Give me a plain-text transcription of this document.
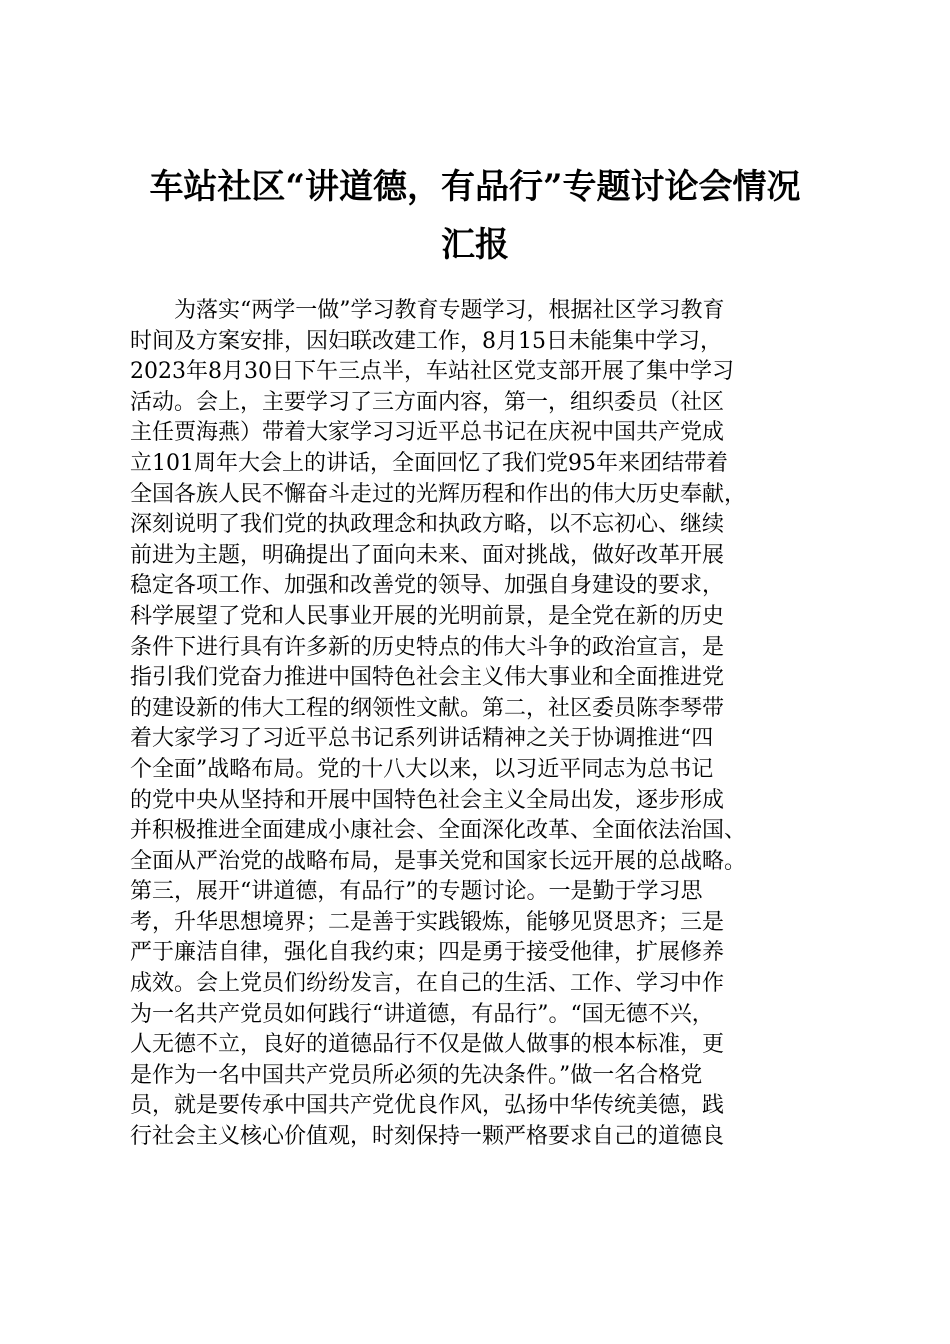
车站社区“讲道德，有品行”专题讨论会情况
汇报
为落实“两学一做”学习教育专题学习，根据社区学习教育
时间及方案安排，因妇联改建工作，8月15日未能集中学习，
2023年8月30日下午三点半，车站社区党支部开展了集中学习
活动。会上，主要学习了三方面内容，第一，组织委员（社区
主任贾海燕）带着大家学习习近平总书记在庆祝中国共产党成
立101周年大会上的讲话，全面回忆了我们党95年来团结带着
全国各族人民不懈奋斗走过的光辉历程和作出的伟大历史奉献，
深刻说明了我们党的执政理念和执政方略，以不忘初心、继续
前进为主题，明确提出了面向未来、面对挑战，做好改革开展
稳定各项工作、加强和改善党的领导、加强自身建设的要求，
科学展望了党和人民事业开展的光明前景，是全党在新的历史
条件下进行具有许多新的历史特点的伟大斗争的政治宣言，是
指引我们党奋力推进中国特色社会主义伟大事业和全面推进党
的建设新的伟大工程的纲领性文献。第二，社区委员陈李琴带
着大家学习了习近平总书记系列讲话精神之关于协调推进“四
个全面”战略布局。党的十八大以来，以习近平同志为总书记
的党中央从坚持和开展中国特色社会主义全局出发，逐步形成
并积极推进全面建成小康社会、全面深化改革、全面依法治国、
全面从严治党的战略布局，是事关党和国家长远开展的总战略。
第三，展开“讲道德，有品行”的专题讨论。一是勤于学习思
考，升华思想境界；二是善于实践锻炼，能够见贤思齐；三是
严于廉洁自律，强化自我约束；四是勇于接受他律，扩展修养
成效。会上党员们纷纷发言，在自己的生活、工作、学习中作
为一名共产党员如何践行“讲道德，有品行”。“国无德不兴，
人无德不立，良好的道德品行不仅是做人做事的根本标准，更
是作为一名中国共产党员所必须的先决条件。”做一名合格党
员，就是要传承中国共产党优良作风，弘扬中华传统美德，践
行社会主义核心价值观，时刻保持一颗严格要求自己的道德良
